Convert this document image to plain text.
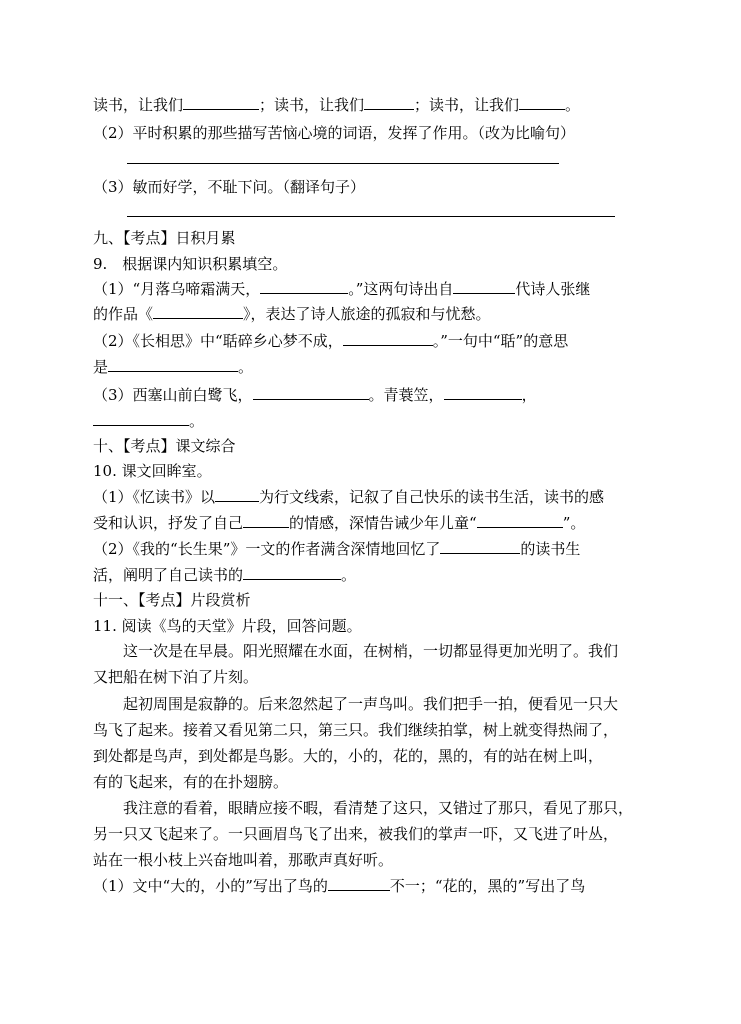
读书，让我们	；读书，让我们	；读书，让我们	。
（2）平时积累的那些描写苦恼心境的词语，发挥了作用。（改为比喻句）
（3）敏而好学，不耻下问。（翻译句子）
九、【考点】日积月累
9.　根据课内知识积累填空。
（1）“月落乌啼霜满天，	。”这两句诗出自	代诗人张继
的作品《	》，表达了诗人旅途的孤寂和与忧愁。
（2）《长相思》中“聒碎乡心梦不成，	。”一句中“聒”的意思
是	。
（3）西塞山前白鹭飞，	。青蓑笠，	，
。
十、【考点】课文综合
10. 课文回眸室。
（1）《忆读书》以	为行文线索，记叙了自己快乐的读书生活，读书的感
受和认识，抒发了自己	的情感，深情告诫少年儿童“	”。
（2）《我的“长生果”》一文的作者满含深情地回忆了	的读书生
活，阐明了自己读书的	。
十一、【考点】片段赏析
11. 阅读《鸟的天堂》片段，回答问题。
这一次是在早晨。阳光照耀在水面，在树梢，一切都显得更加光明了。我们
又把船在树下泊了片刻。
起初周围是寂静的。后来忽然起了一声鸟叫。我们把手一拍，便看见一只大
鸟飞了起来。接着又看见第二只，第三只。我们继续拍掌，树上就变得热闹了，
到处都是鸟声，到处都是鸟影。大的，小的，花的，黑的，有的站在树上叫，
有的飞起来，有的在扑翅膀。
我注意的看着，眼睛应接不暇，看清楚了这只，又错过了那只，看见了那只，
另一只又飞起来了。一只画眉鸟飞了出来，被我们的掌声一吓，又飞进了叶丛，
站在一根小枝上兴奋地叫着，那歌声真好听。
（1）文中“大的，小的”写出了鸟的	不一；“花的，黑的”写出了鸟
